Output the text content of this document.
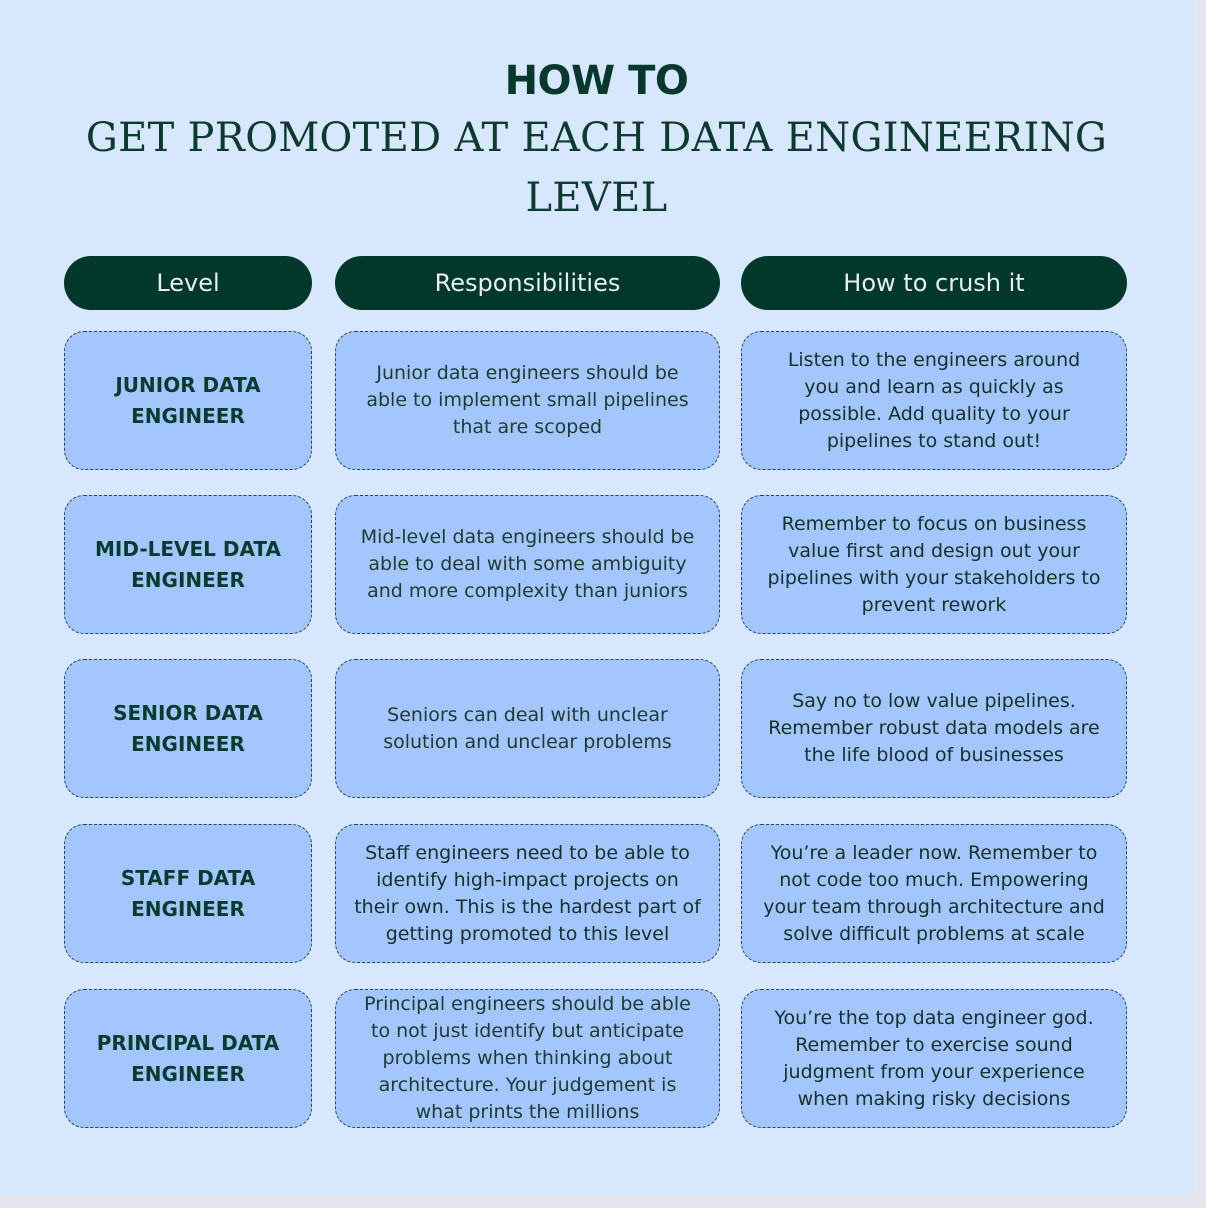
HOW TO
GET PROMOTED AT EACH DATA ENGINEERING LEVEL
Level	Responsibilities	How to crush it
JUNIOR DATA ENGINEER
Junior data engineers should be able to implement small pipelines that are scoped
Listen to the engineers around you and learn as quickly as possible. Add quality to your pipelines to stand out!
MID-LEVEL DATA ENGINEER
Mid-level data engineers should be able to deal with some ambiguity and more complexity than juniors
Remember to focus on business value first and design out your pipelines with your stakeholders to prevent rework
SENIOR DATA ENGINEER
Seniors can deal with unclear solution and unclear problems
Say no to low value pipelines. Remember robust data models are the life blood of businesses
STAFF DATA ENGINEER
Staff engineers need to be able to identify high-impact projects on their own. This is the hardest part of getting promoted to this level
You’re a leader now. Remember to not code too much. Empowering your team through architecture and solve difficult problems at scale
PRINCIPAL DATA ENGINEER
Principal engineers should be able to not just identify but anticipate problems when thinking about architecture. Your judgement is what prints the millions
You’re the top data engineer god. Remember to exercise sound judgment from your experience when making risky decisions
